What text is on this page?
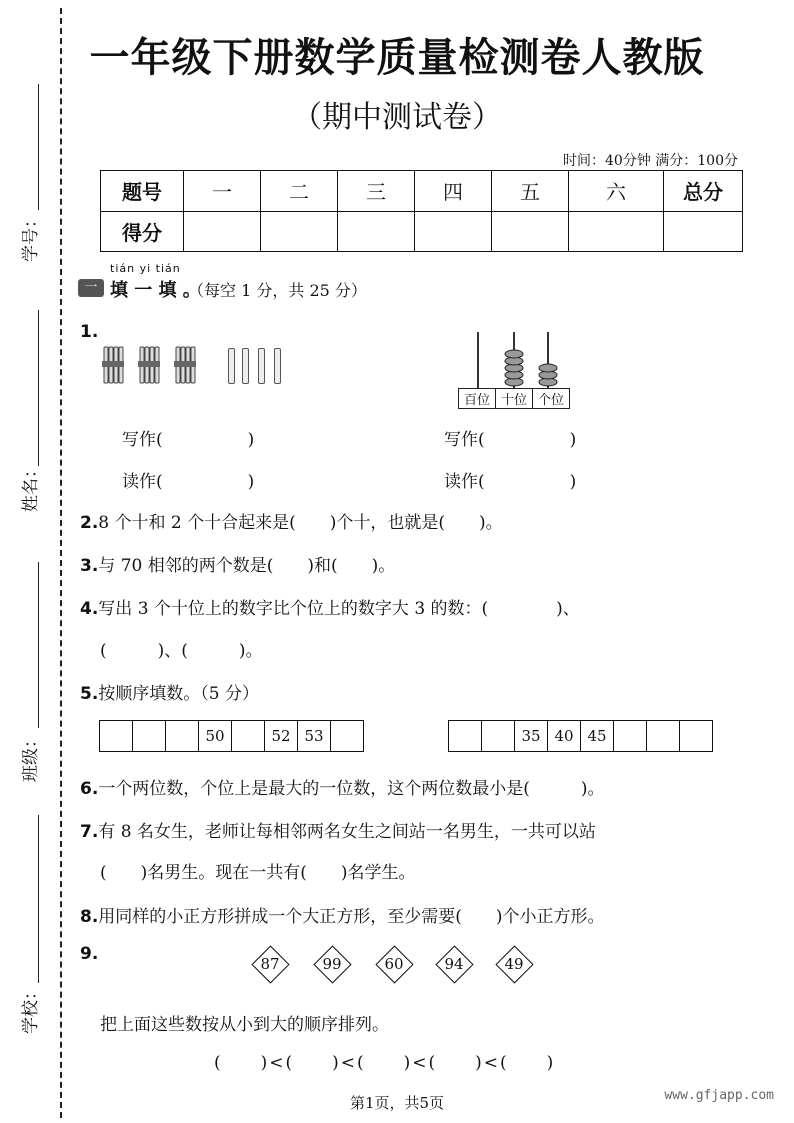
一年级下册数学质量检测卷人教版
（期中测试卷）
时间：40分钟 满分：100分
题号	一	二	三	四	五	六	总分
得分							
学号：
姓名：
班级：
学校：
一
tián yi tián
填 一 填 。
（每空 1 分，共 25 分）
1.
百位 十位 个位
写作(　　　　　)
读作(　　　　　)
写作(　　　　　)
读作(　　　　　)
2.8 个十和 2 个十合起来是(　　)个十，也就是(　　)。
3.与 70 相邻的两个数是(　　)和(　　)。
4.写出 3 个十位上的数字比个位上的数字大 3 的数：(　　　　)、
(　　　)、(　　　)。
5.按顺序填数。（5 分）
50	52 53	35 40 45
6.一个两位数，个位上是最大的一位数，这个两位数最小是(　　　)。
7.有 8 名女生，老师让每相邻两名女生之间站一名男生，一共可以站
(　　)名男生。现在一共有(　　)名学生。
8.用同样的小正方形拼成一个大正方形，至少需要(　　)个小正方形。
9.	87	99	60	94	49
把上面这些数按从小到大的顺序排列。
(　　)<(　　)<(　　)<(　　)<(　　)
第1页，共5页	www.gfjapp.com
